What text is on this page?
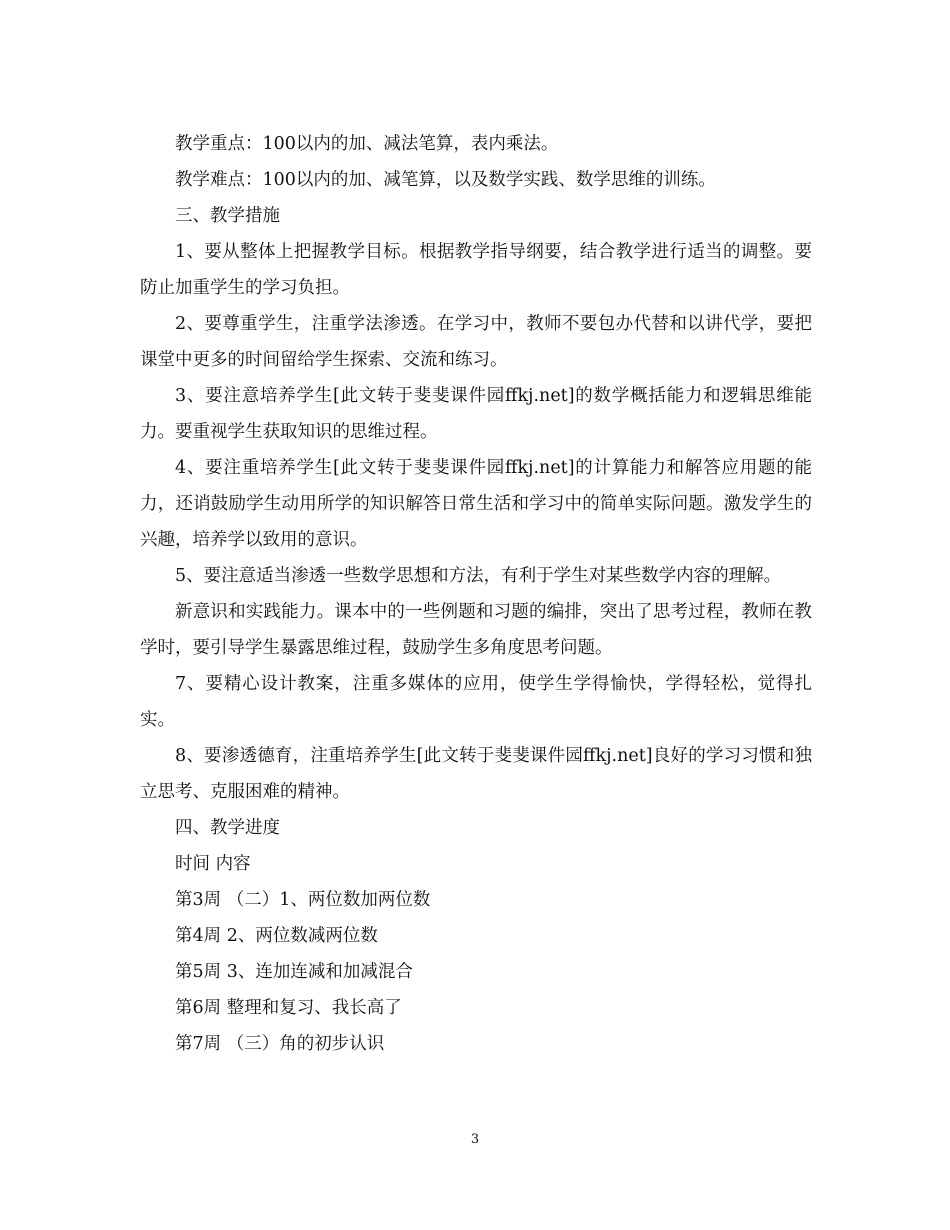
教学重点：100以内的加、减法笔算，表内乘法。

教学难点：100以内的加、减笔算，以及数学实践、数学思维的训练。

三、教学措施

1、要从整体上把握教学目标。根据教学指导纲要，结合教学进行适当的调整。要防止加重学生的学习负担。

2、要尊重学生，注重学法渗透。在学习中，教师不要包办代替和以讲代学，要把课堂中更多的时间留给学生探索、交流和练习。

3、要注意培养学生[此文转于斐斐课件园ffkj.net]的数学概括能力和逻辑思维能力。要重视学生获取知识的思维过程。

4、要注重培养学生[此文转于斐斐课件园ffkj.net]的计算能力和解答应用题的能力，还诮鼓励学生动用所学的知识解答日常生活和学习中的简单实际问题。激发学生的兴趣，培养学以致用的意识。

5、要注意适当渗透一些数学思想和方法，有利于学生对某些数学内容的理解。

新意识和实践能力。课本中的一些例题和习题的编排，突出了思考过程，教师在教学时，要引导学生暴露思维过程，鼓励学生多角度思考问题。

7、要精心设计教案，注重多媒体的应用，使学生学得愉快，学得轻松，觉得扎实。

8、要渗透德育，注重培养学生[此文转于斐斐课件园ffkj.net]良好的学习习惯和独立思考、克服困难的精神。

四、教学进度

时间 内容

第3周 （二）1、两位数加两位数

第4周 2、两位数减两位数

第5周 3、连加连减和加减混合

第6周 整理和复习、我长高了

第7周 （三）角的初步认识

3
